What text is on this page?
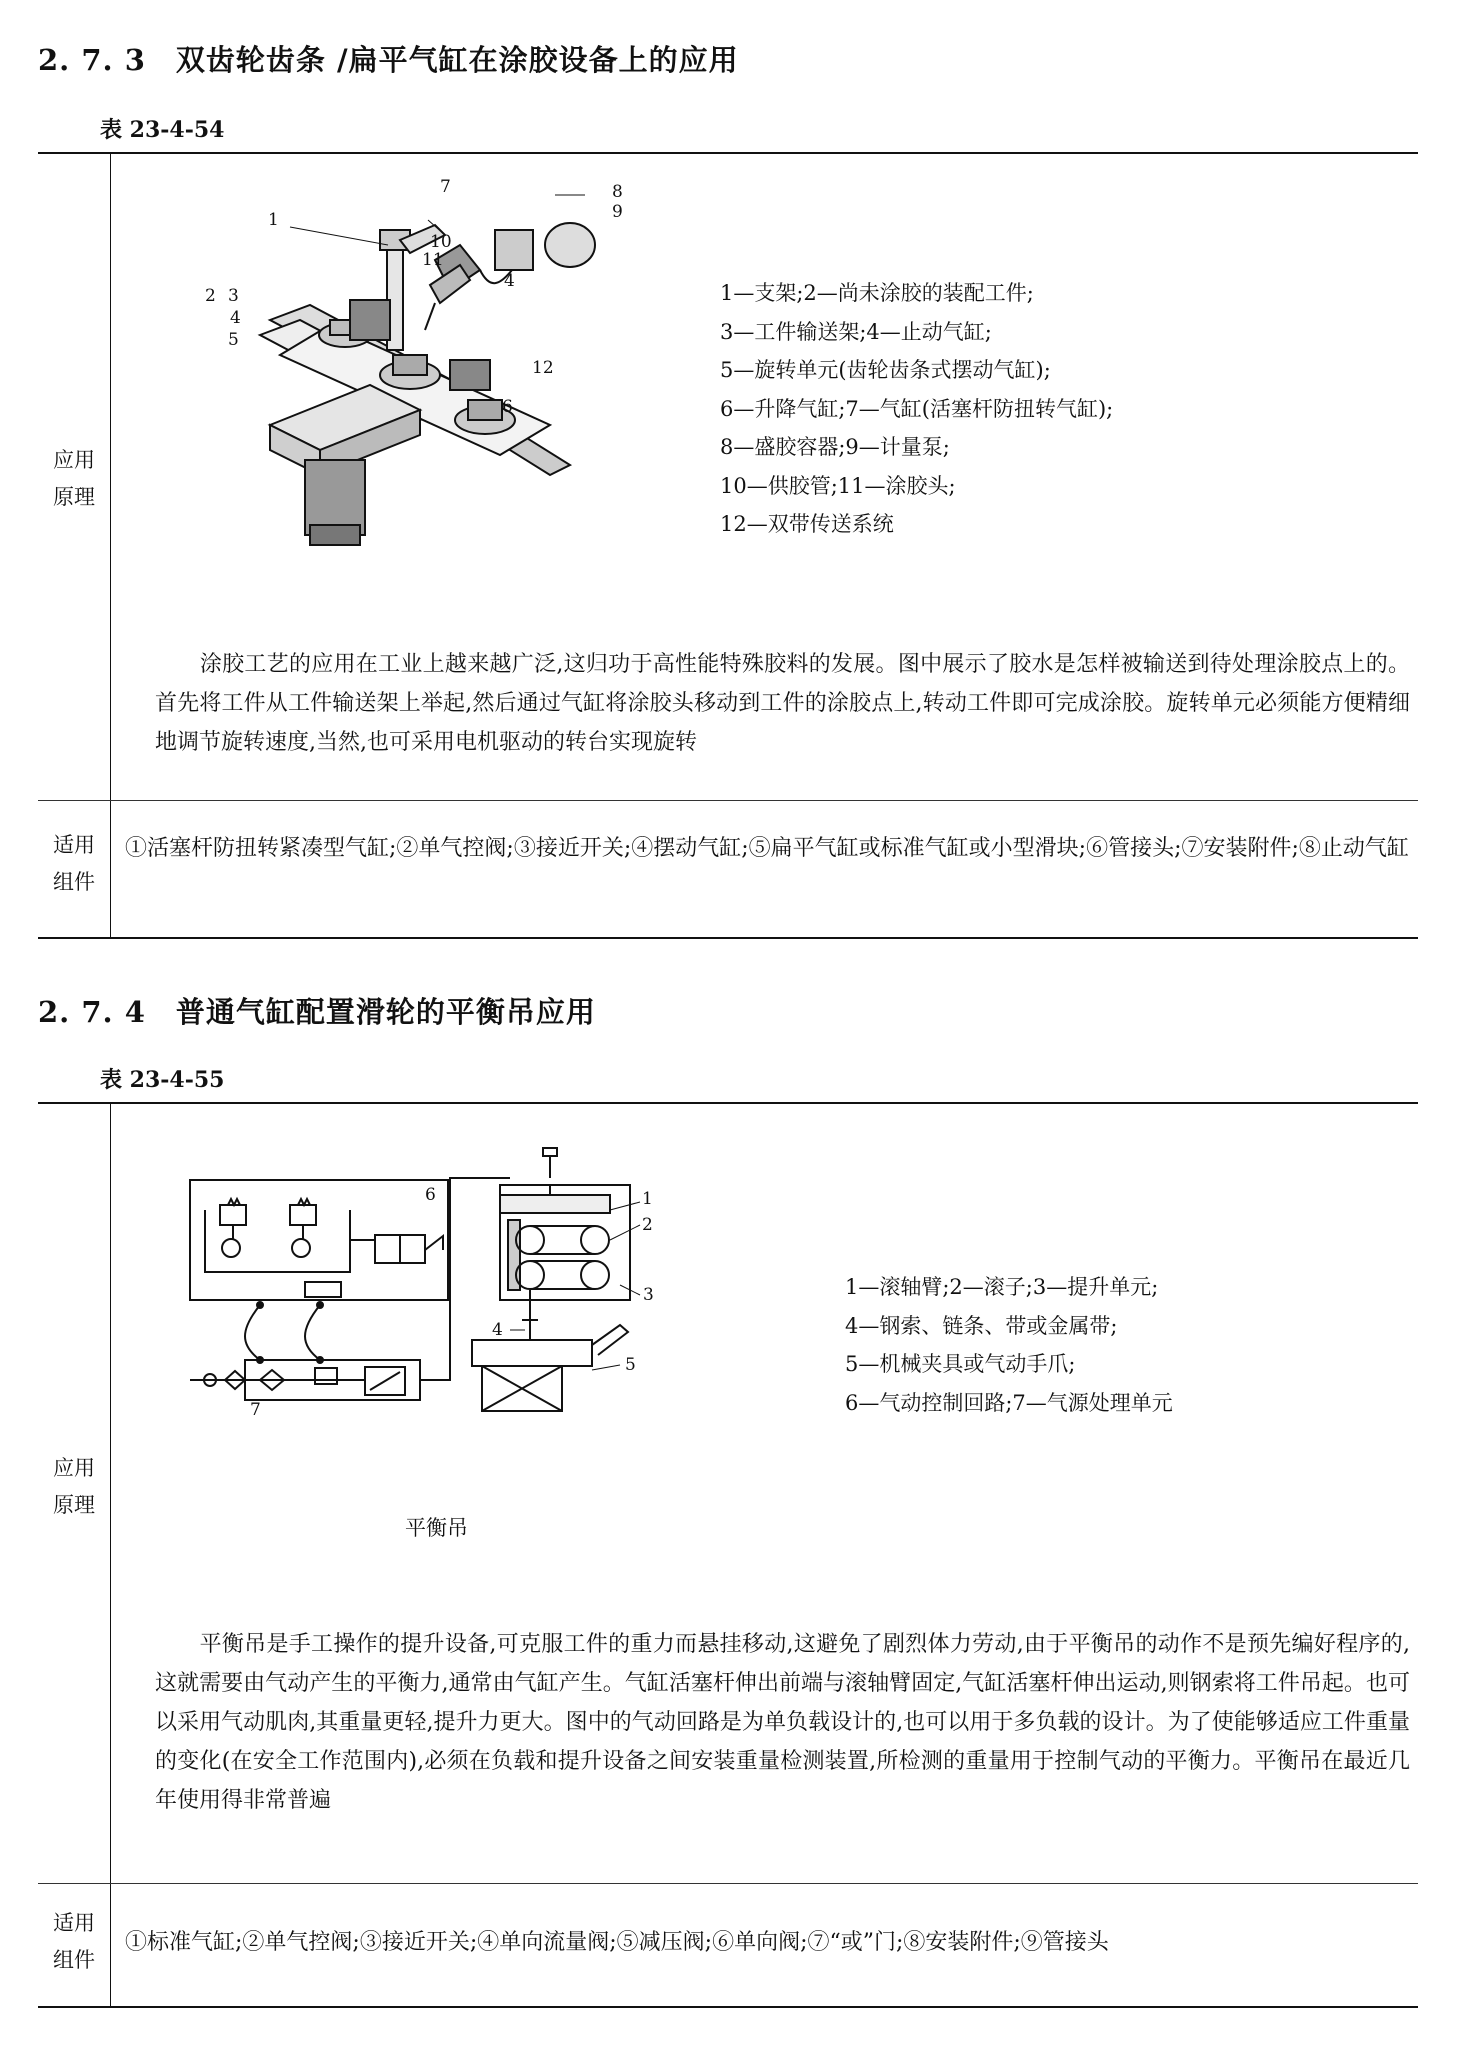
2. 7. 3　双齿轮齿条 /扁平气缸在涂胶设备上的应用
表 23-4-54
应用
原理
1
2 3
4
4
5
6
7	8
9
10
11
12
1—支架;2—尚未涂胶的装配工件;
3—工件输送架;4—止动气缸;
5—旋转单元(齿轮齿条式摆动气缸);
6—升降气缸;7—气缸(活塞杆防扭转气缸);
8—盛胶容器;9—计量泵;
10—供胶管;11—涂胶头;
12—双带传送系统
　　涂胶工艺的应用在工业上越来越广泛,这归功于高性能特殊胶料的发展。图中展示了胶水是怎样被输送到待处理涂胶点上的。首先将工件从工件输送架上举起,然后通过气缸将涂胶头移动到工件的涂胶点上,转动工件即可完成涂胶。旋转单元必须能方便精细地调节旋转速度,当然,也可采用电机驱动的转台实现旋转
适用
组件
①活塞杆防扭转紧凑型气缸;②单气控阀;③接近开关;④摆动气缸;⑤扁平气缸或标准气缸或小型滑块;⑥管接头;⑦安装附件;⑧止动气缸
2. 7. 4　普通气缸配置滑轮的平衡吊应用
表 23-4-55
应用
原理
1
2
3
4
5
6
7
1—滚轴臂;2—滚子;3—提升单元;
4—钢索、链条、带或金属带;
5—机械夹具或气动手爪;
6—气动控制回路;7—气源处理单元
平衡吊
　　平衡吊是手工操作的提升设备,可克服工件的重力而悬挂移动,这避免了剧烈体力劳动,由于平衡吊的动作不是预先编好程序的,这就需要由气动产生的平衡力,通常由气缸产生。气缸活塞杆伸出前端与滚轴臂固定,气缸活塞杆伸出运动,则钢索将工件吊起。也可以采用气动肌肉,其重量更轻,提升力更大。图中的气动回路是为单负载设计的,也可以用于多负载的设计。为了使能够适应工件重量的变化(在安全工作范围内),必须在负载和提升设备之间安装重量检测装置,所检测的重量用于控制气动的平衡力。平衡吊在最近几年使用得非常普遍
适用
组件
①标准气缸;②单气控阀;③接近开关;④单向流量阀;⑤减压阀;⑥单向阀;⑦“或”门;⑧安装附件;⑨管接头
